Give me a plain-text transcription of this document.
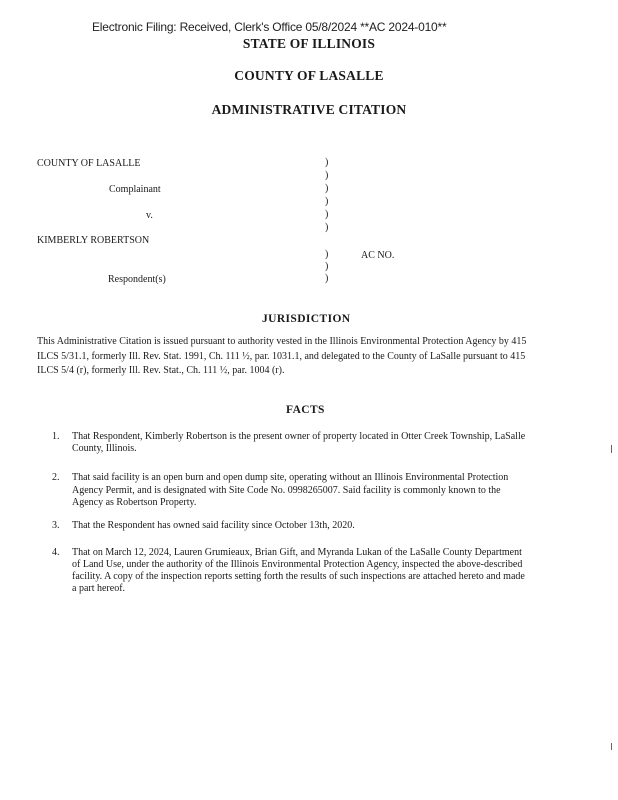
Electronic Filing: Received, Clerk's Office 05/8/2024 **AC 2024-010**
STATE OF ILLINOIS
COUNTY OF LASALLE
ADMINISTRATIVE CITATION
COUNTY OF LASALLE
Complainant
v.
KIMBERLY ROBERTSON
AC NO.
Respondent(s)
)
)
)
)
)
)
)
)
)
JURISDICTION
This Administrative Citation is issued pursuant to authority vested in the Illinois Environmental Protection Agency by 415
ILCS 5/31.1, formerly Ill. Rev. Stat. 1991, Ch. 111 ½, par. 1031.1, and delegated to the County of LaSalle pursuant to 415
ILCS 5/4 (r), formerly Ill. Rev. Stat., Ch. 111 ½, par. 1004 (r).
FACTS
1. That Respondent, Kimberly Robertson is the present owner of property located in Otter Creek Township, LaSalle
County, Illinois.
2. That said facility is an open burn and open dump site, operating without an Illinois Environmental Protection
Agency Permit, and is designated with Site Code No. 0998265007. Said facility is commonly known to the
Agency as Robertson Property.
3. That the Respondent has owned said facility since October 13th, 2020.
4. That on March 12, 2024, Lauren Grumieaux, Brian Gift, and Myranda Lukan of the LaSalle County Department
of Land Use, under the authority of the Illinois Environmental Protection Agency, inspected the above-described
facility. A copy of the inspection reports setting forth the results of such inspections are attached hereto and made
a part hereof.
